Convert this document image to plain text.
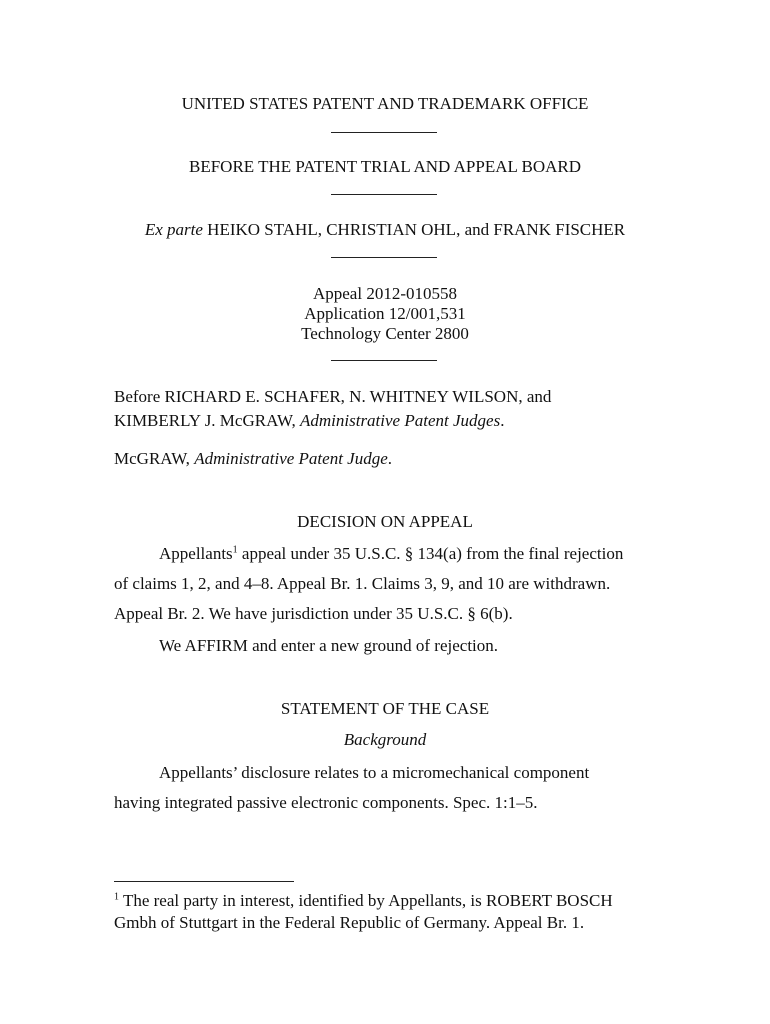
UNITED STATES PATENT AND TRADEMARK OFFICE
BEFORE THE PATENT TRIAL AND APPEAL BOARD
Ex parte HEIKO STAHL, CHRISTIAN OHL, and FRANK FISCHER
Appeal 2012-010558
Application 12/001,531
Technology Center 2800
Before RICHARD E. SCHAFER, N. WHITNEY WILSON, and
KIMBERLY J. McGRAW, Administrative Patent Judges.
McGRAW, Administrative Patent Judge.
DECISION ON APPEAL
Appellants$^1$ appeal under 35 U.S.C. § 134(a) from the final rejection
of claims 1, 2, and 4–8. Appeal Br. 1. Claims 3, 9, and 10 are withdrawn.
Appeal Br. 2. We have jurisdiction under 35 U.S.C. § 6(b).
We AFFIRM and enter a new ground of rejection.
STATEMENT OF THE CASE
Background
Appellants’ disclosure relates to a micromechanical component
having integrated passive electronic components. Spec. 1:1–5.
$^1$ The real party in interest, identified by Appellants, is ROBERT BOSCH
Gmbh of Stuttgart in the Federal Republic of Germany. Appeal Br. 1.
